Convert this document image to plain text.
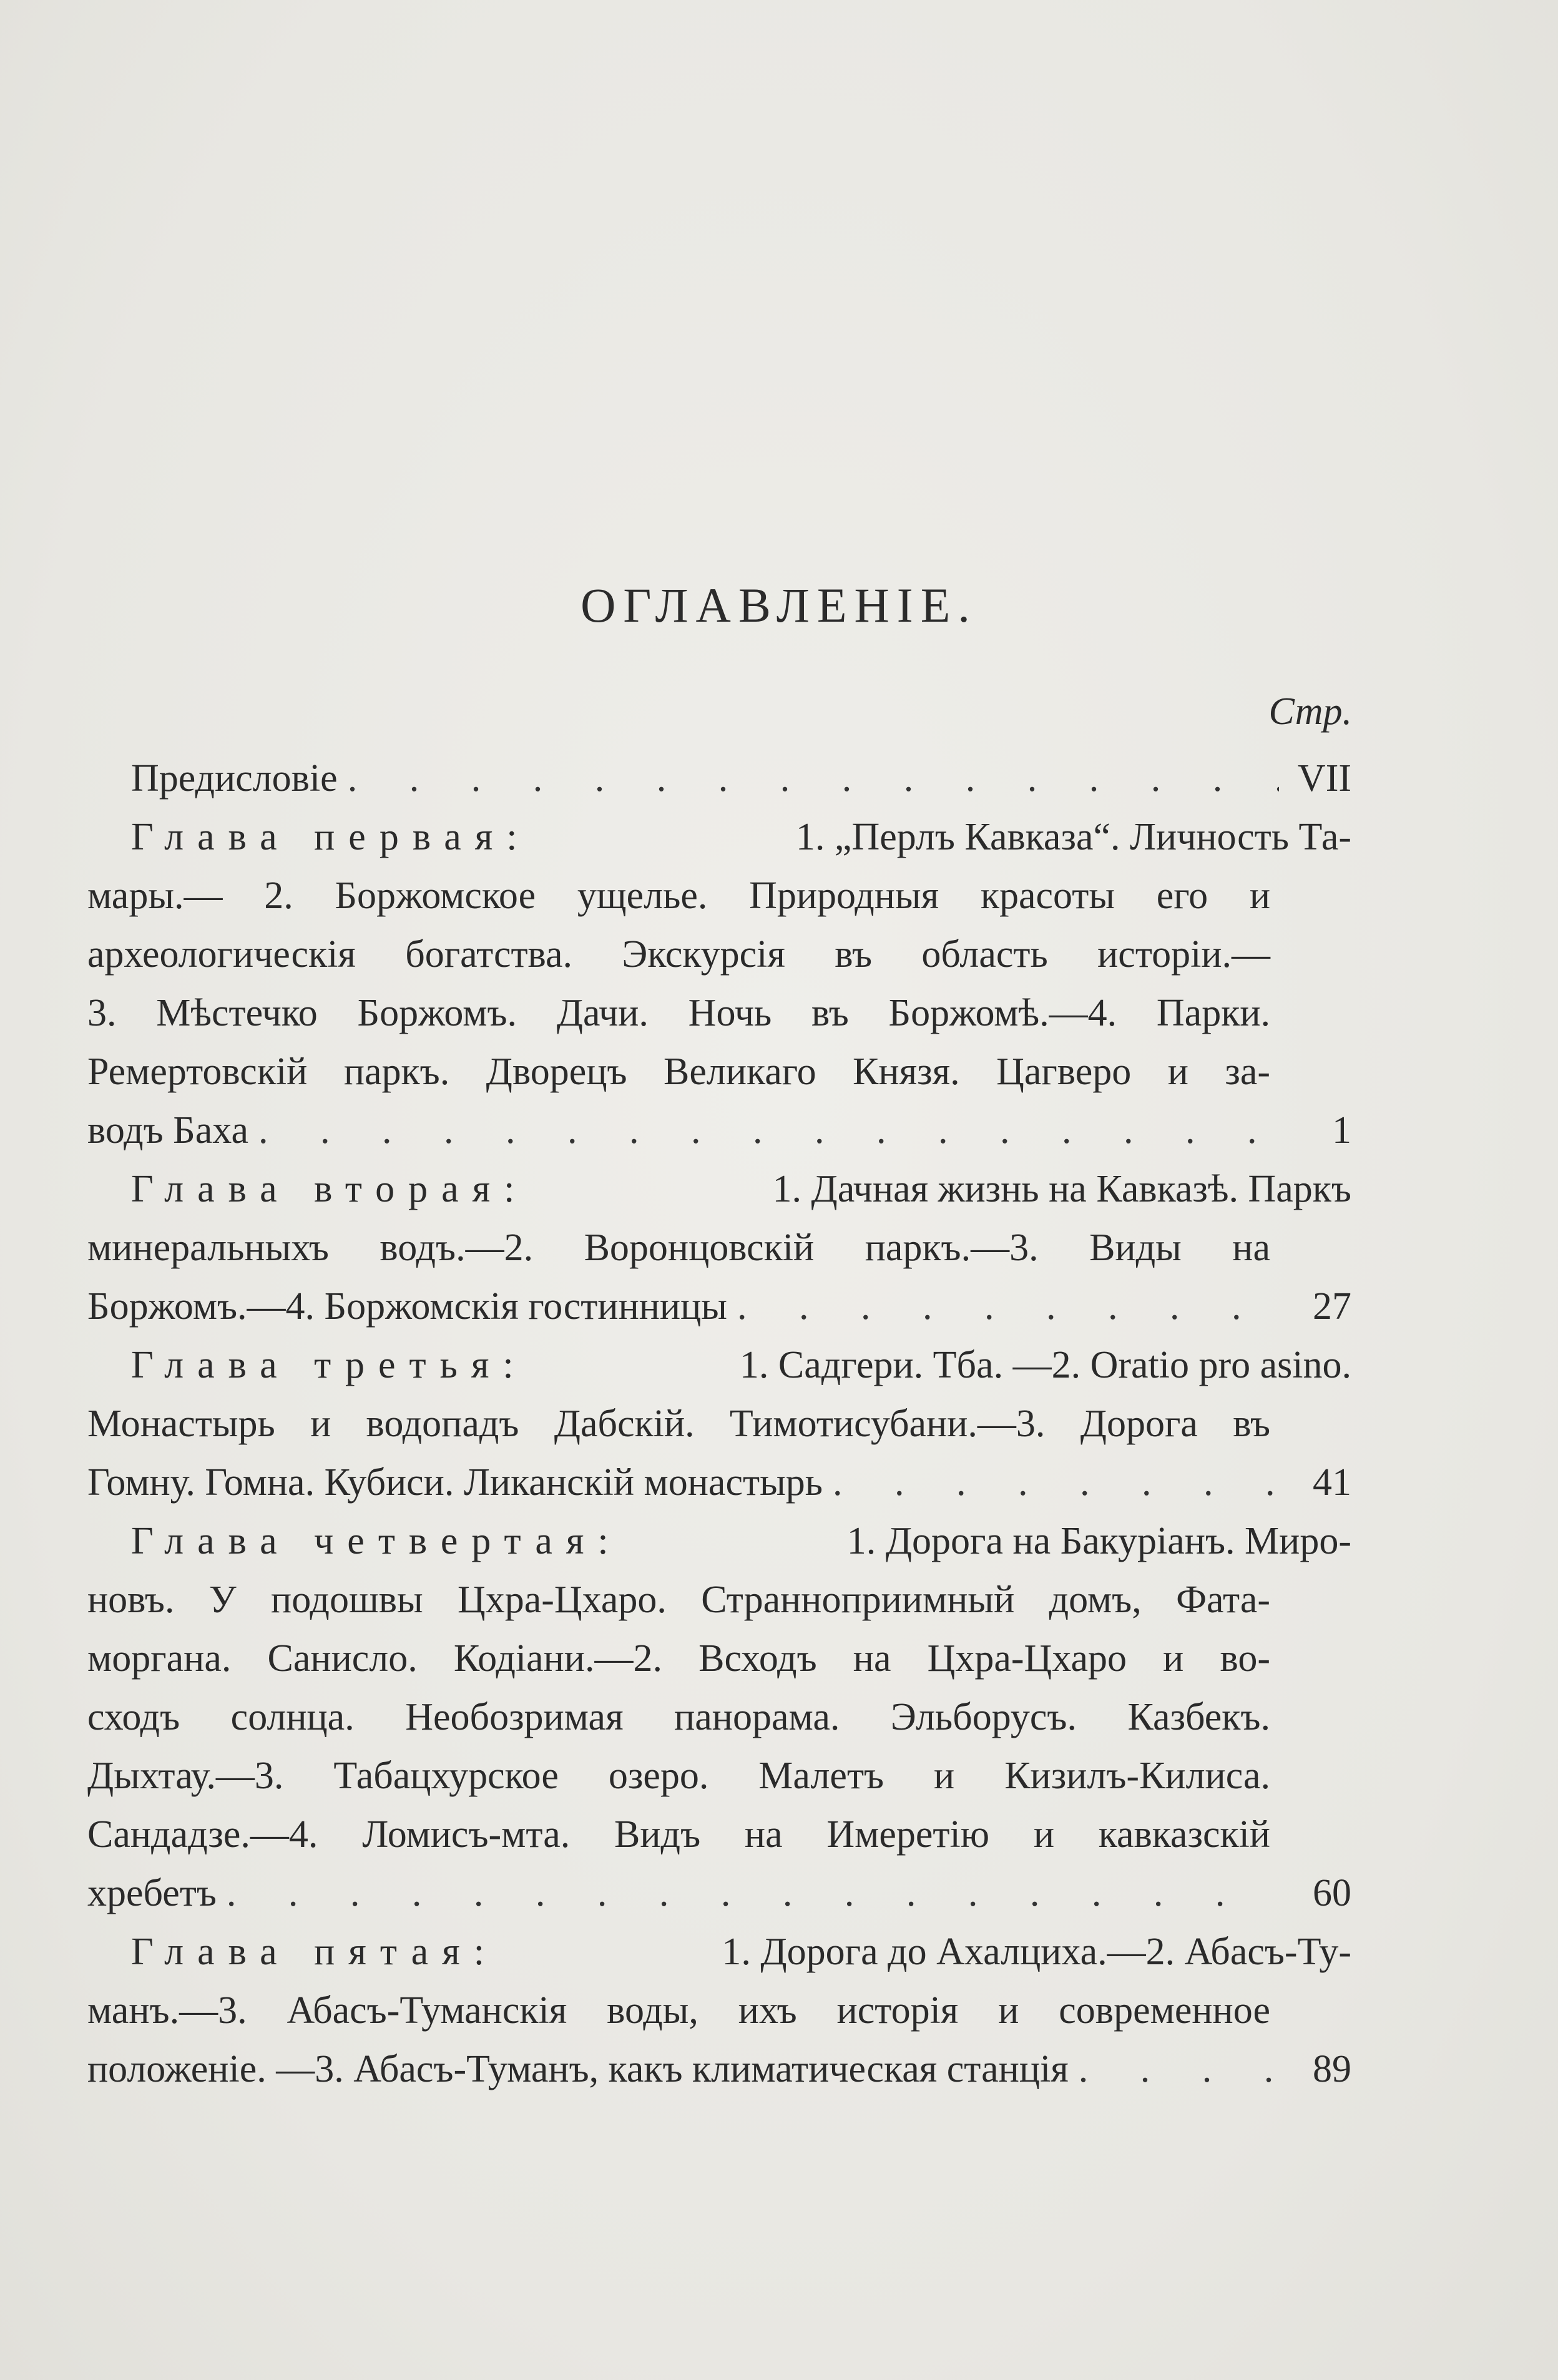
ОГЛАВЛЕНІЕ.
Стр.
Предисловіе . . .	VІІ
Глава первая:	1. „Перлъ Кавказа“. Личность Та-
мары.— 2. Боржомское ущелье. Природныя красоты его и
археологическія богатства. Экскурсія въ область исторіи.—
3. Мѣстечко Боржомъ. Дачи. Ночь въ Боржомѣ.—4. Парки.
Ремертовскій паркъ. Дворецъ Великаго Князя. Цагверо и за-
водъ Баха . . .	1
Глава вторая:	1. Дачная жизнь на Кавказѣ. Паркъ
минеральныхъ водъ.—2. Воронцовскій паркъ.—3. Виды на
Боржомъ.—4. Боржомскія гостинницы . . .	27
Глава третья:	1. Садгери. Тба. —2. Oratio pro asino.
Монастырь и водопадъ Дабскій. Тимотисубани.—3. Дорога въ
Гомну. Гомна. Кубиси. Ликанскій монастырь . . .	41
Глава четвертая:	1. Дорога на Бакуріанъ. Миро-
новъ. У подошвы Цхра-Цхаро. Странноприимный домъ, Фата-
моргана. Санисло. Кодіани.—2. Всходъ на Цхра-Цхаро и во-
сходъ солнца. Необозримая панорама. Эльборусъ. Казбекъ.
Дыхтау.—3. Табацхурское озеро. Малетъ и Кизилъ-Килиса.
Сандадзе.—4. Ломисъ-мта. Видъ на Имеретію и кавказскій
хребетъ . . .	60
Глава пятая:	1. Дорога до Ахалциха.—2. Абасъ-Ту-
манъ.—3. Абасъ-Туманскія воды, ихъ исторія и современное
положеніе. —3. Абасъ-Туманъ, какъ климатическая станція . . .	89
